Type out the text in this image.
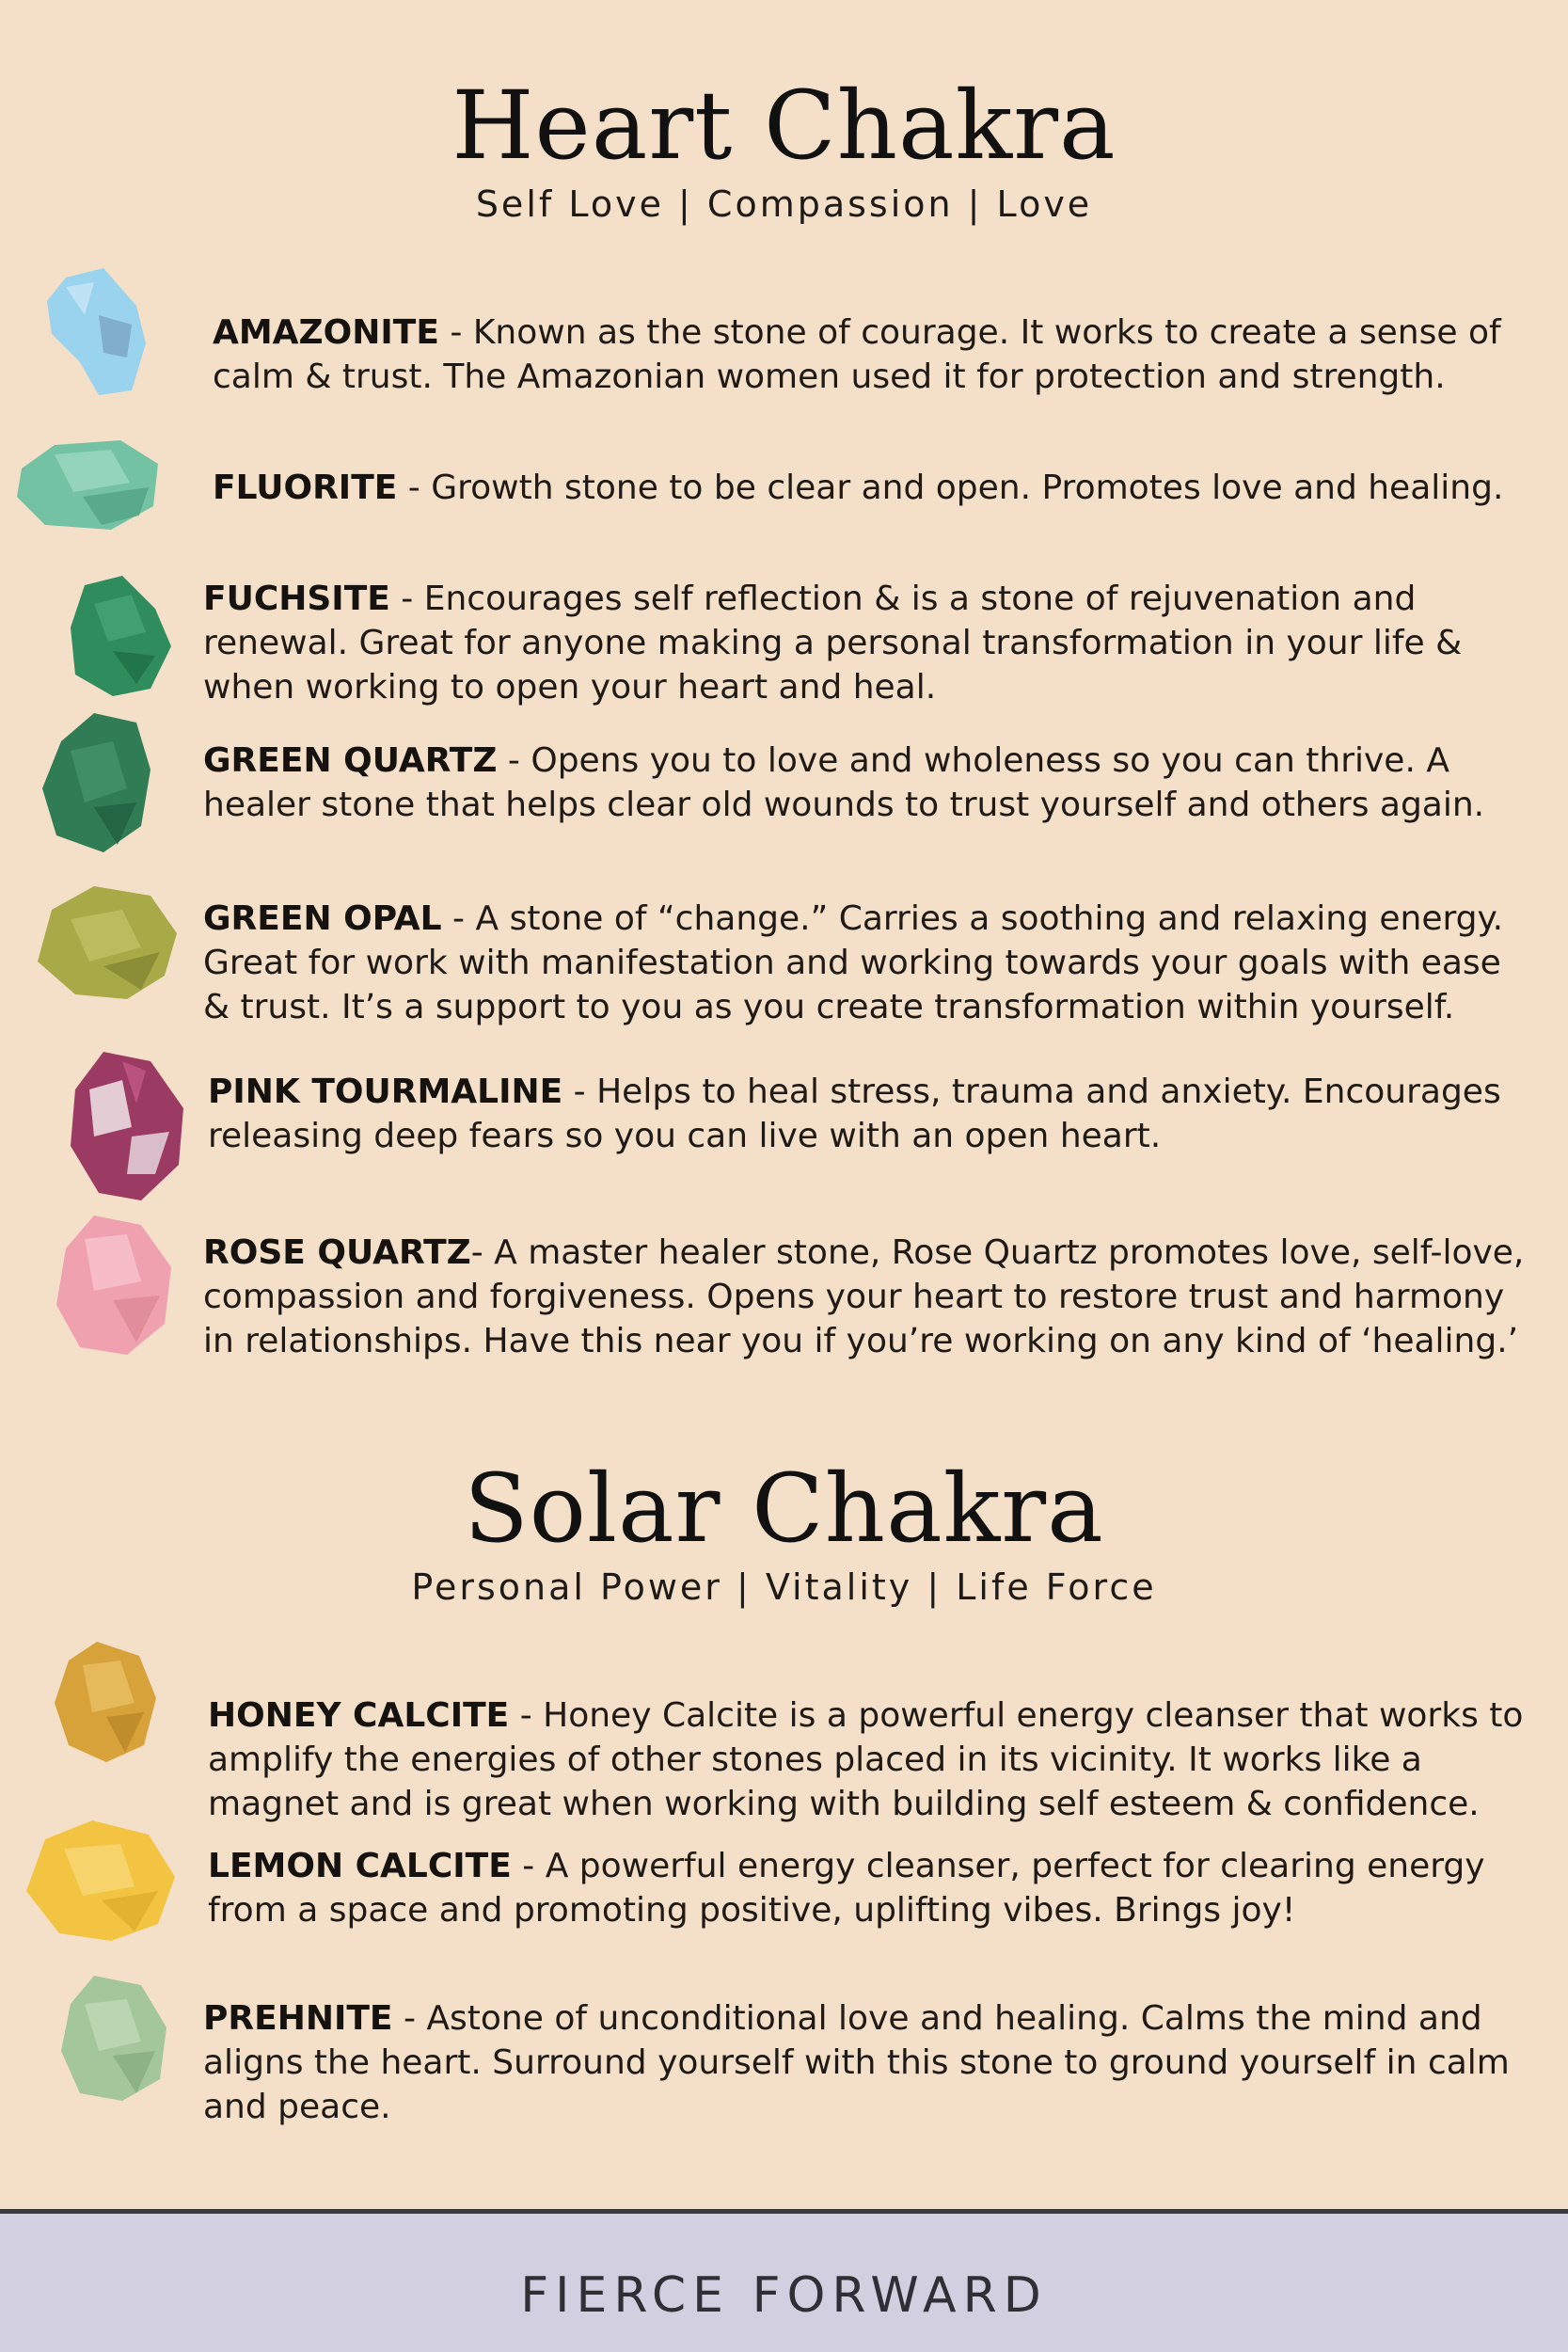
Heart Chakra

Self Love | Compassion | Love

AMAZONITE - Known as the stone of courage. It works to create a sense of calm & trust. The Amazonian women used it for protection and strength.
FLUORITE - Growth stone to be clear and open. Promotes love and healing.
FUCHSITE - Encourages self reflection & is a stone of rejuvenation and renewal. Great for anyone making a personal transformation in your life & when working to open your heart and heal.
GREEN QUARTZ - Opens you to love and wholeness so you can thrive. A healer stone that helps clear old wounds to trust yourself and others again.
GREEN OPAL - A stone of “change.” Carries a soothing and relaxing energy. Great for work with manifestation and working towards your goals with ease & trust. It’s a support to you as you create transformation within yourself.
PINK TOURMALINE - Helps to heal stress, trauma and anxiety. Encourages releasing deep fears so you can live with an open heart.
ROSE QUARTZ- A master healer stone, Rose Quartz promotes love, self-love, compassion and forgiveness. Opens your heart to restore trust and harmony in relationships. Have this near you if you’re working on any kind of ‘healing.’
Solar Chakra

Personal Power | Vitality | Life Force

HONEY CALCITE - Honey Calcite is a powerful energy cleanser that works to amplify the energies of other stones placed in its vicinity. It works like a magnet and is great when working with building self esteem & confidence.
LEMON CALCITE - A powerful energy cleanser, perfect for clearing energy from a space and promoting positive, uplifting vibes. Brings joy!
PREHNITE - Astone of unconditional love and healing. Calms the mind and aligns the heart. Surround yourself with this stone to ground yourself in calm and peace.
FIERCE FORWARD
